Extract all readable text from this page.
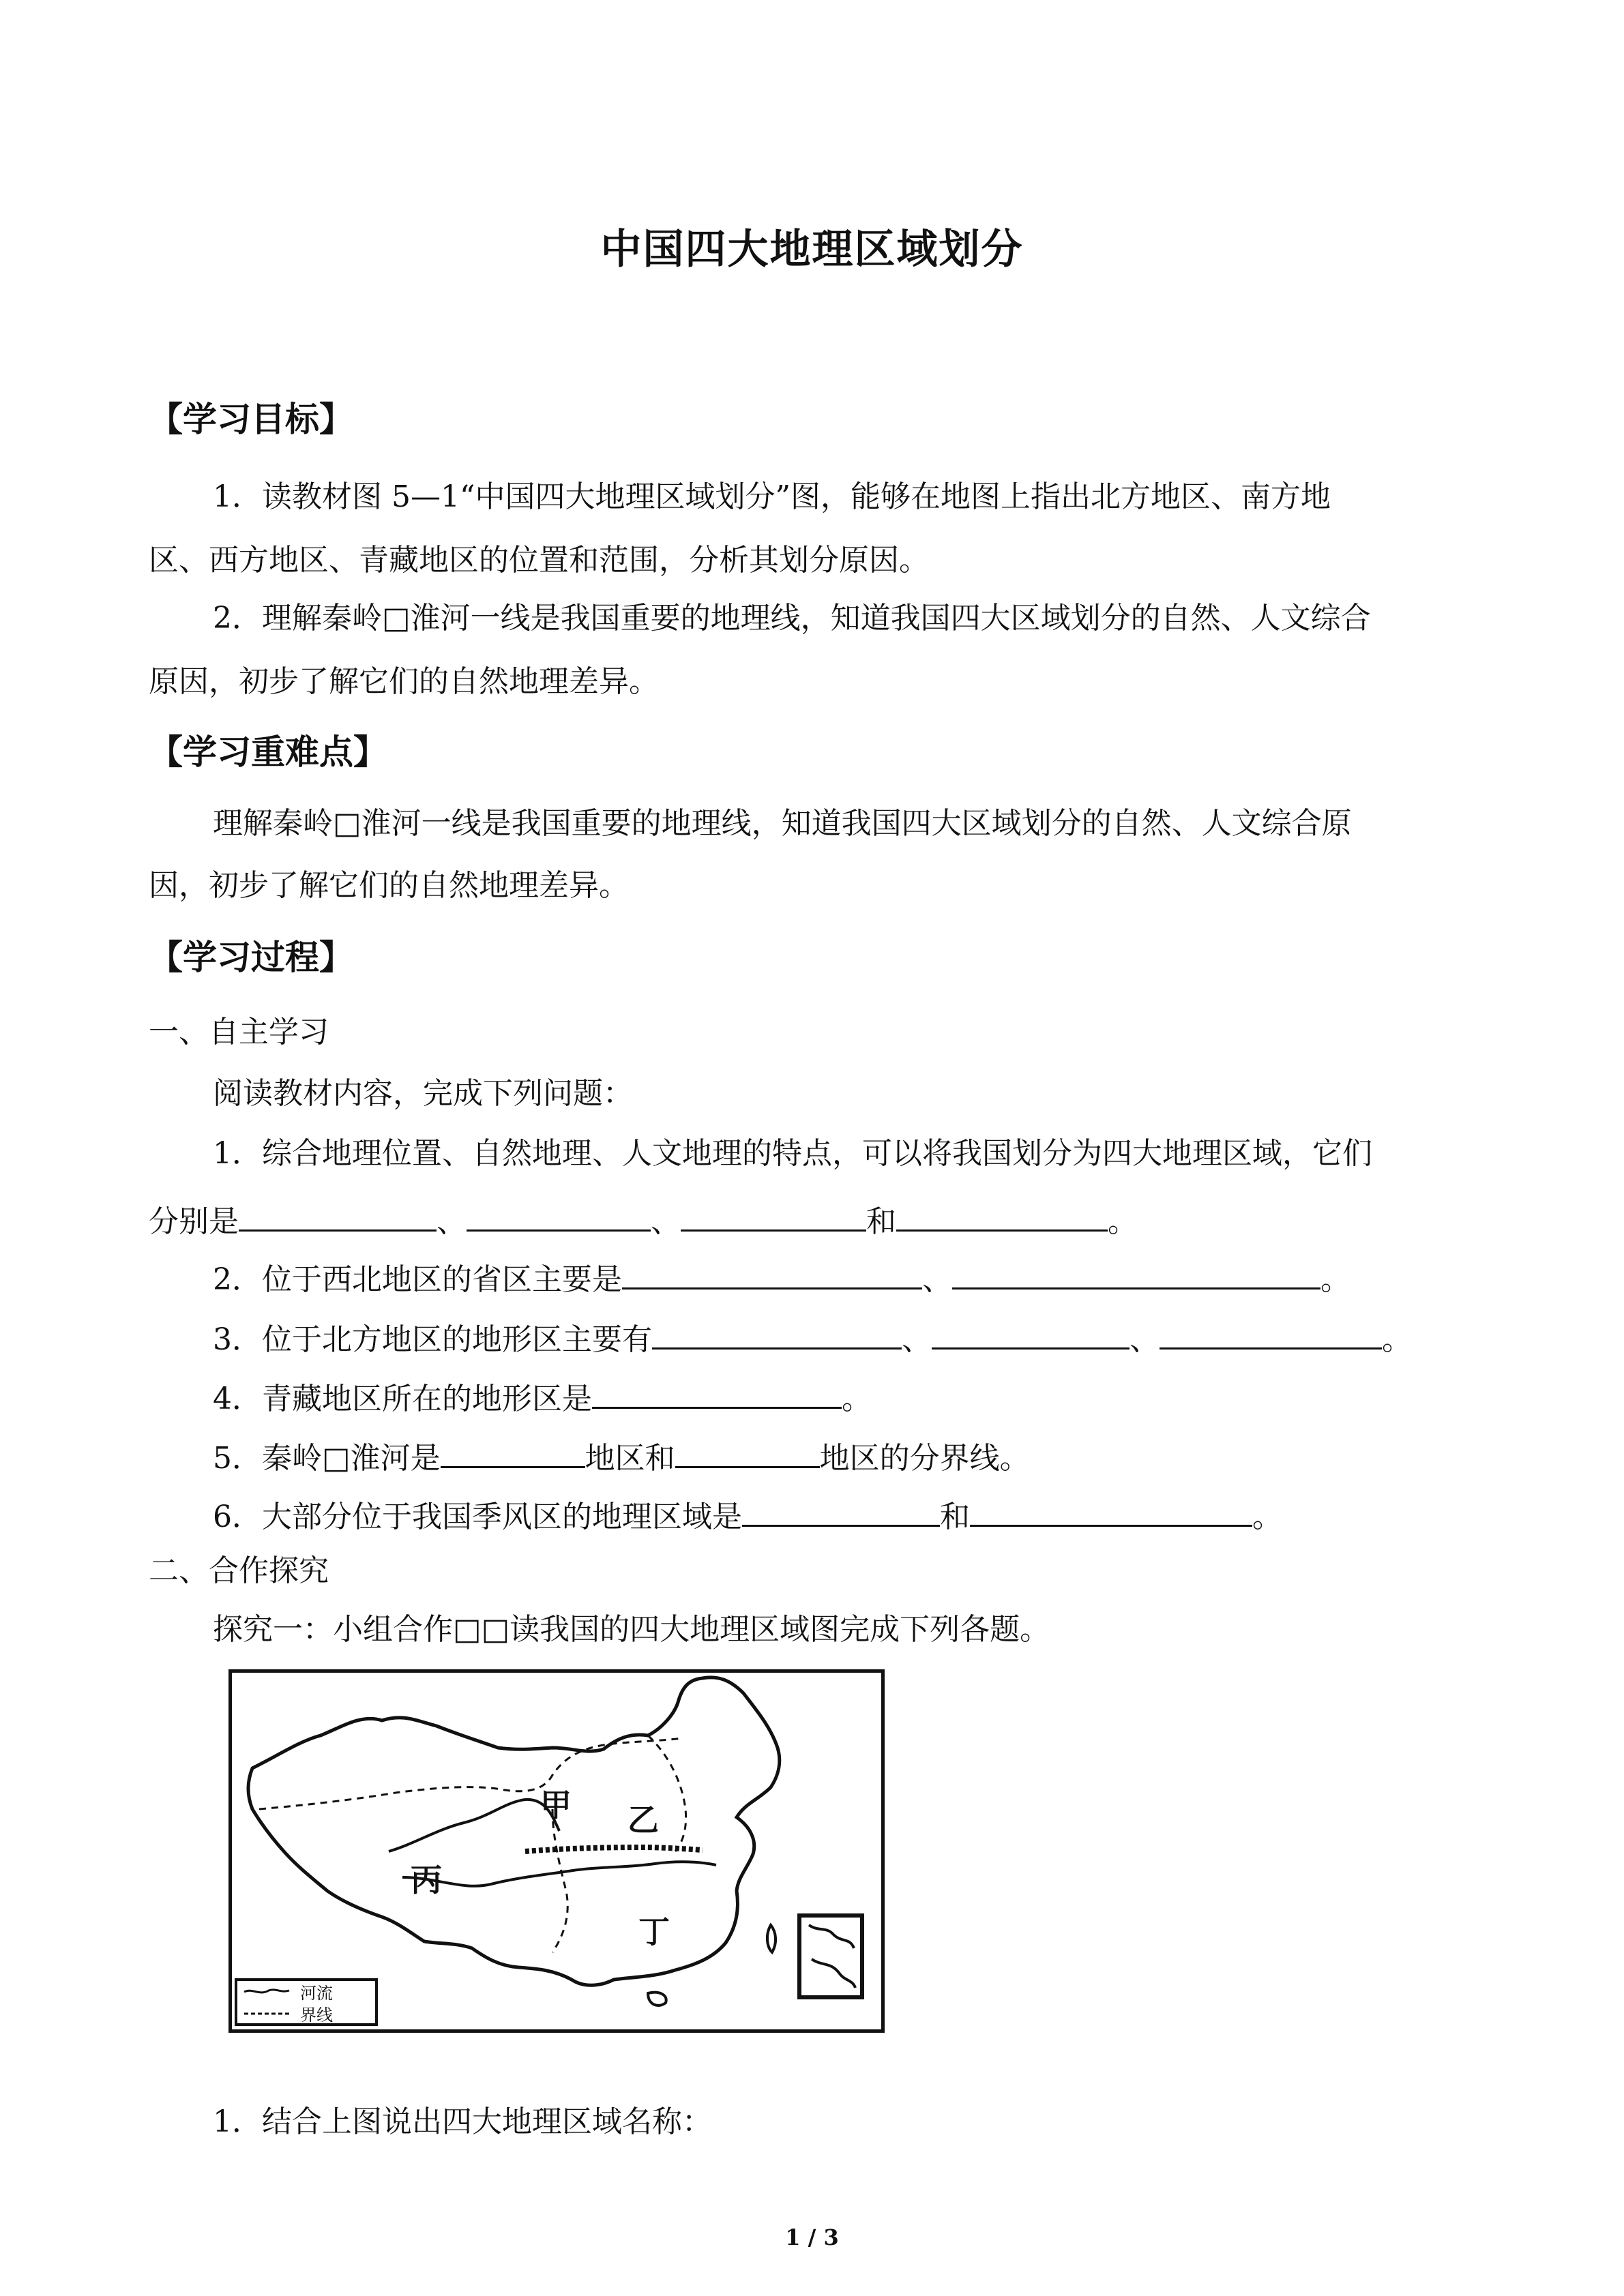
中国四大地理区域划分
【学习目标】
1．读教材图 5—1“中国四大地理区域划分”图，能够在地图上指出北方地区、南方地
区、西方地区、青藏地区的位置和范围，分析其划分原因。
2．理解秦岭□淮河一线是我国重要的地理线，知道我国四大区域划分的自然、人文综合
原因，初步了解它们的自然地理差异。
【学习重难点】
理解秦岭□淮河一线是我国重要的地理线，知道我国四大区域划分的自然、人文综合原
因，初步了解它们的自然地理差异。
【学习过程】
一、自主学习
阅读教材内容，完成下列问题：
1．综合地理位置、自然地理、人文地理的特点，可以将我国划分为四大地理区域，它们
分别是	、	、	和	。
2．位于西北地区的省区主要是	、	。
3．位于北方地区的地形区主要有	、	、	。
4．青藏地区所在的地形区是	。
5．秦岭□淮河是	地区和	地区的分界线。
6．大部分位于我国季风区的地理区域是	和	。
二、合作探究
探究一：小组合作□□读我国的四大地理区域图完成下列各题。
甲 乙
丙
丁
河流
界线
1．结合上图说出四大地理区域名称：
1 / 3
